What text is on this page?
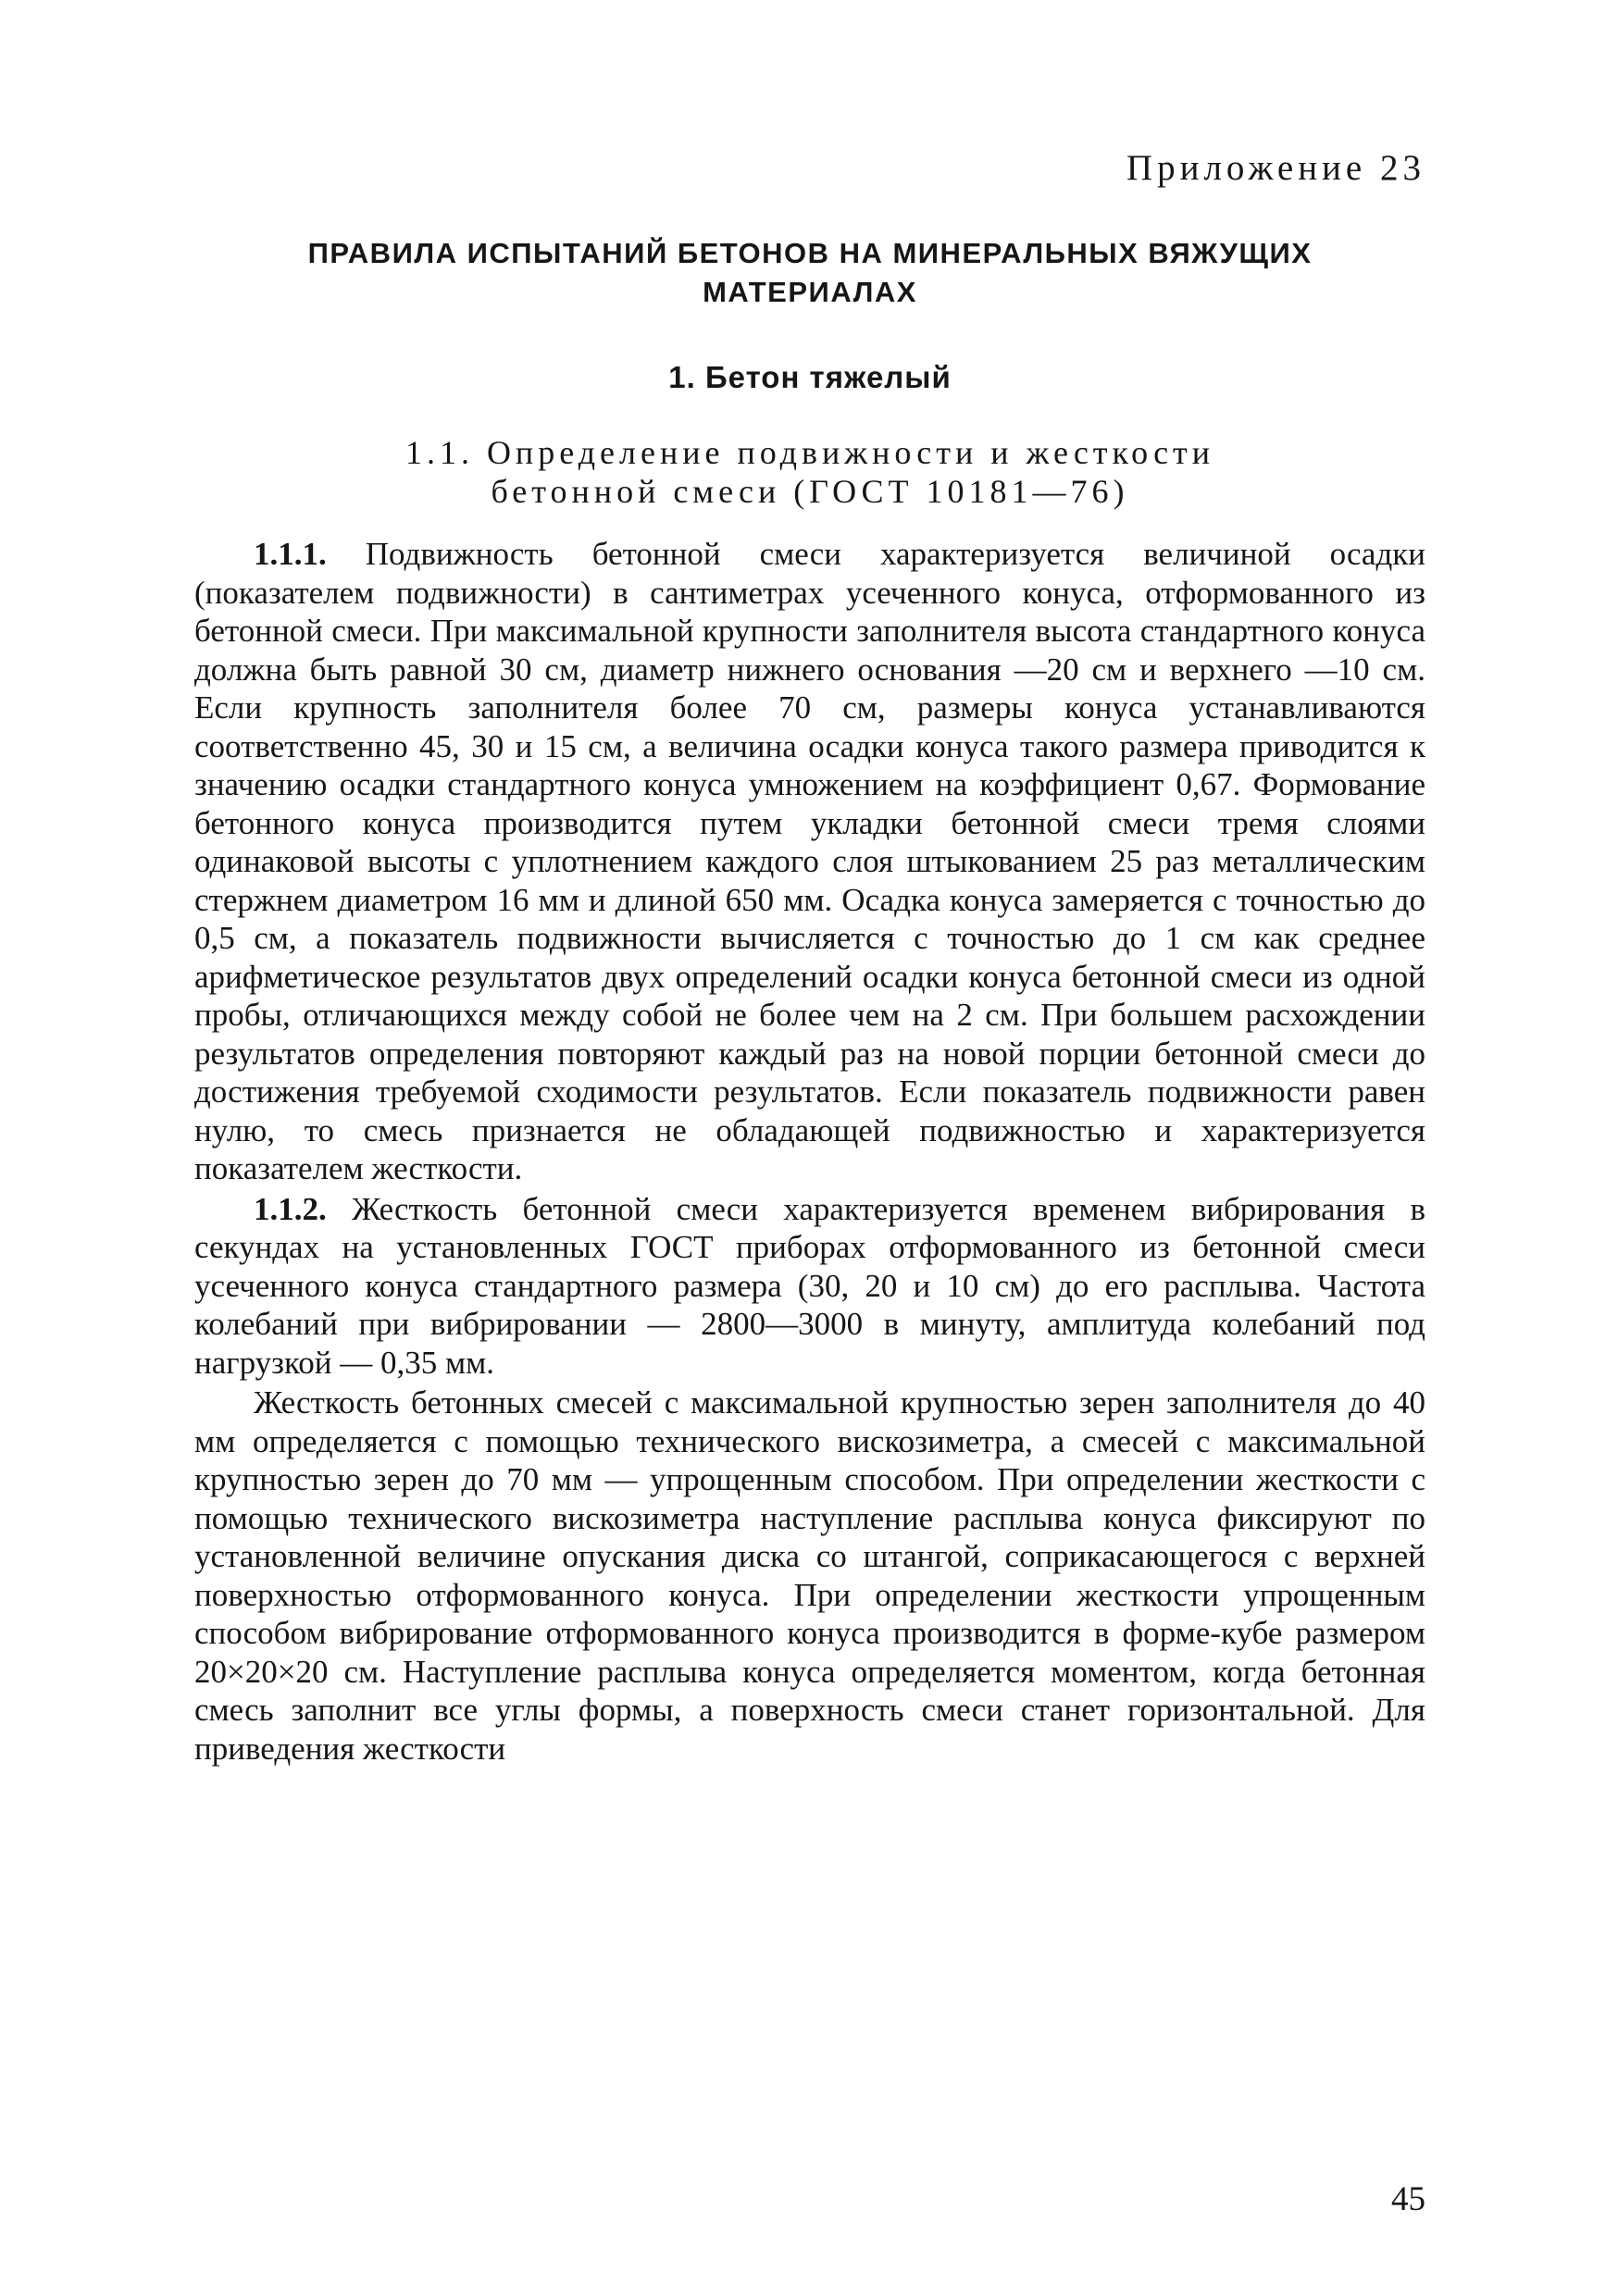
Приложение 23
ПРАВИЛА ИСПЫТАНИЙ БЕТОНОВ НА МИНЕРАЛЬНЫХ ВЯЖУЩИХ
МАТЕРИАЛАХ
1. Бетон тяжелый
1.1. Определение подвижности и жесткости
бетонной смеси (ГОСТ 10181—76)

1.1.1. Подвижность бетонной смеси характеризуется величиной осадки (показателем подвижности) в сантиметрах усеченного конуса, отформованного из бетонной смеси. При максимальной крупности заполнителя высота стандартного конуса должна быть равной 30 см, диаметр нижнего основания —20 см и верхнего —10 см. Если крупность заполнителя более 70 см, размеры конуса устанавливаются соответственно 45, 30 и 15 см, а величина осадки конуса такого размера приводится к значению осадки стандартного конуса умножением на коэффициент 0,67. Формование бетонного конуса производится путем укладки бетонной смеси тремя слоями одинаковой высоты с уплотнением каждого слоя штыкованием 25 раз металлическим стержнем диаметром 16 мм и длиной 650 мм. Осадка конуса замеряется с точностью до 0,5 см, а показатель подвижности вычисляется с точностью до 1 см как среднее арифметическое результатов двух определений осадки конуса бетонной смеси из одной пробы, отличающихся между собой не более чем на 2 см. При большем расхождении результатов определения повторяют каждый раз на новой порции бетонной смеси до достижения требуемой сходимости результатов. Если показатель подвижности равен нулю, то смесь признается не обладающей подвижностью и характеризуется показателем жесткости.

1.1.2. Жесткость бетонной смеси характеризуется временем вибрирования в секундах на установленных ГОСТ приборах отформованного из бетонной смеси усеченного конуса стандартного размера (30, 20 и 10 см) до его расплыва. Частота колебаний при вибрировании — 2800—3000 в минуту, амплитуда колебаний под нагрузкой — 0,35 мм.

Жесткость бетонных смесей с максимальной крупностью зерен заполнителя до 40 мм определяется с помощью технического вискозиметра, а смесей с максимальной крупностью зерен до 70 мм — упрощенным способом. При определении жесткости с помощью технического вискозиметра наступление расплыва конуса фиксируют по установленной величине опускания диска со штангой, соприкасающегося с верхней поверхностью отформованного конуса. При определении жесткости упрощенным способом вибрирование отформованного конуса производится в форме-кубе размером 20×20×20 см. Наступление расплыва конуса определяется моментом, когда бетонная смесь заполнит все углы формы, а поверхность смеси станет горизонтальной. Для приведения жесткости

45
